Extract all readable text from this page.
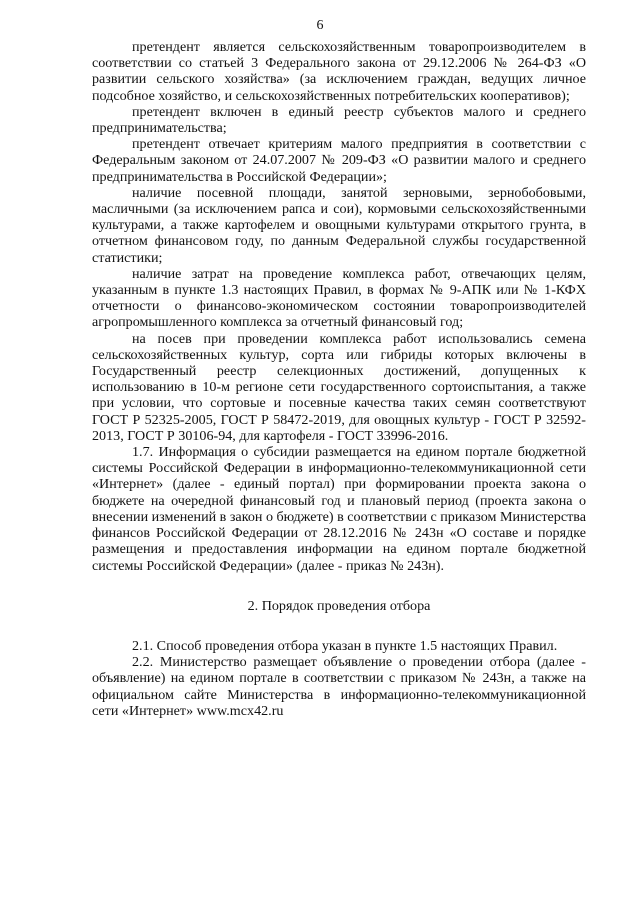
6

претендент является сельскохозяйственным товаропроизводителем в соответствии со статьей 3 Федерального закона от 29.12.2006 № 264-ФЗ «О развитии сельского хозяйства» (за исключением граждан, ведущих личное подсобное хозяйство, и сельскохозяйственных потребительских кооперативов);

претендент включен в единый реестр субъектов малого и среднего предпринимательства;

претендент отвечает критериям малого предприятия в соответствии с Федеральным законом от 24.07.2007 № 209-ФЗ «О развитии малого и среднего предпринимательства в Российской Федерации»;

наличие посевной площади, занятой зерновыми, зернобобовыми, масличными (за исключением рапса и сои), кормовыми сельскохозяйственными культурами, а также картофелем и овощными культурами открытого грунта, в отчетном финансовом году, по данным Федеральной службы государственной статистики;

наличие затрат на проведение комплекса работ, отвечающих целям, указанным в пункте 1.3 настоящих Правил, в формах № 9-АПК или № 1-КФХ отчетности о финансово-экономическом состоянии товаропроизводителей агропромышленного комплекса за отчетный финансовый год;

на посев при проведении комплекса работ использовались семена сельскохозяйственных культур, сорта или гибриды которых включены в Государственный реестр селекционных достижений, допущенных к использованию в 10-м регионе сети государственного сортоиспытания, а также при условии, что сортовые и посевные качества таких семян соответствуют ГОСТ Р 52325-2005, ГОСТ Р 58472-2019, для овощных культур - ГОСТ Р 32592-2013, ГОСТ Р 30106-94, для картофеля - ГОСТ 33996-2016.

1.7. Информация о субсидии размещается на едином портале бюджетной системы Российской Федерации в информационно-телекоммуникационной сети «Интернет» (далее - единый портал) при формировании проекта закона о бюджете на очередной финансовый год и плановый период (проекта закона о внесении изменений в закон о бюджете) в соответствии с приказом Министерства финансов Российской Федерации от 28.12.2016 № 243н «О составе и порядке размещения и предоставления информации на едином портале бюджетной системы Российской Федерации» (далее - приказ № 243н).

2. Порядок проведения отбора

2.1. Способ проведения отбора указан в пункте 1.5 настоящих Правил.

2.2. Министерство размещает объявление о проведении отбора (далее - объявление) на едином портале в соответствии с приказом № 243н, а также на официальном сайте Министерства в информационно-телекоммуникационной сети «Интернет» www.mcx42.ru
